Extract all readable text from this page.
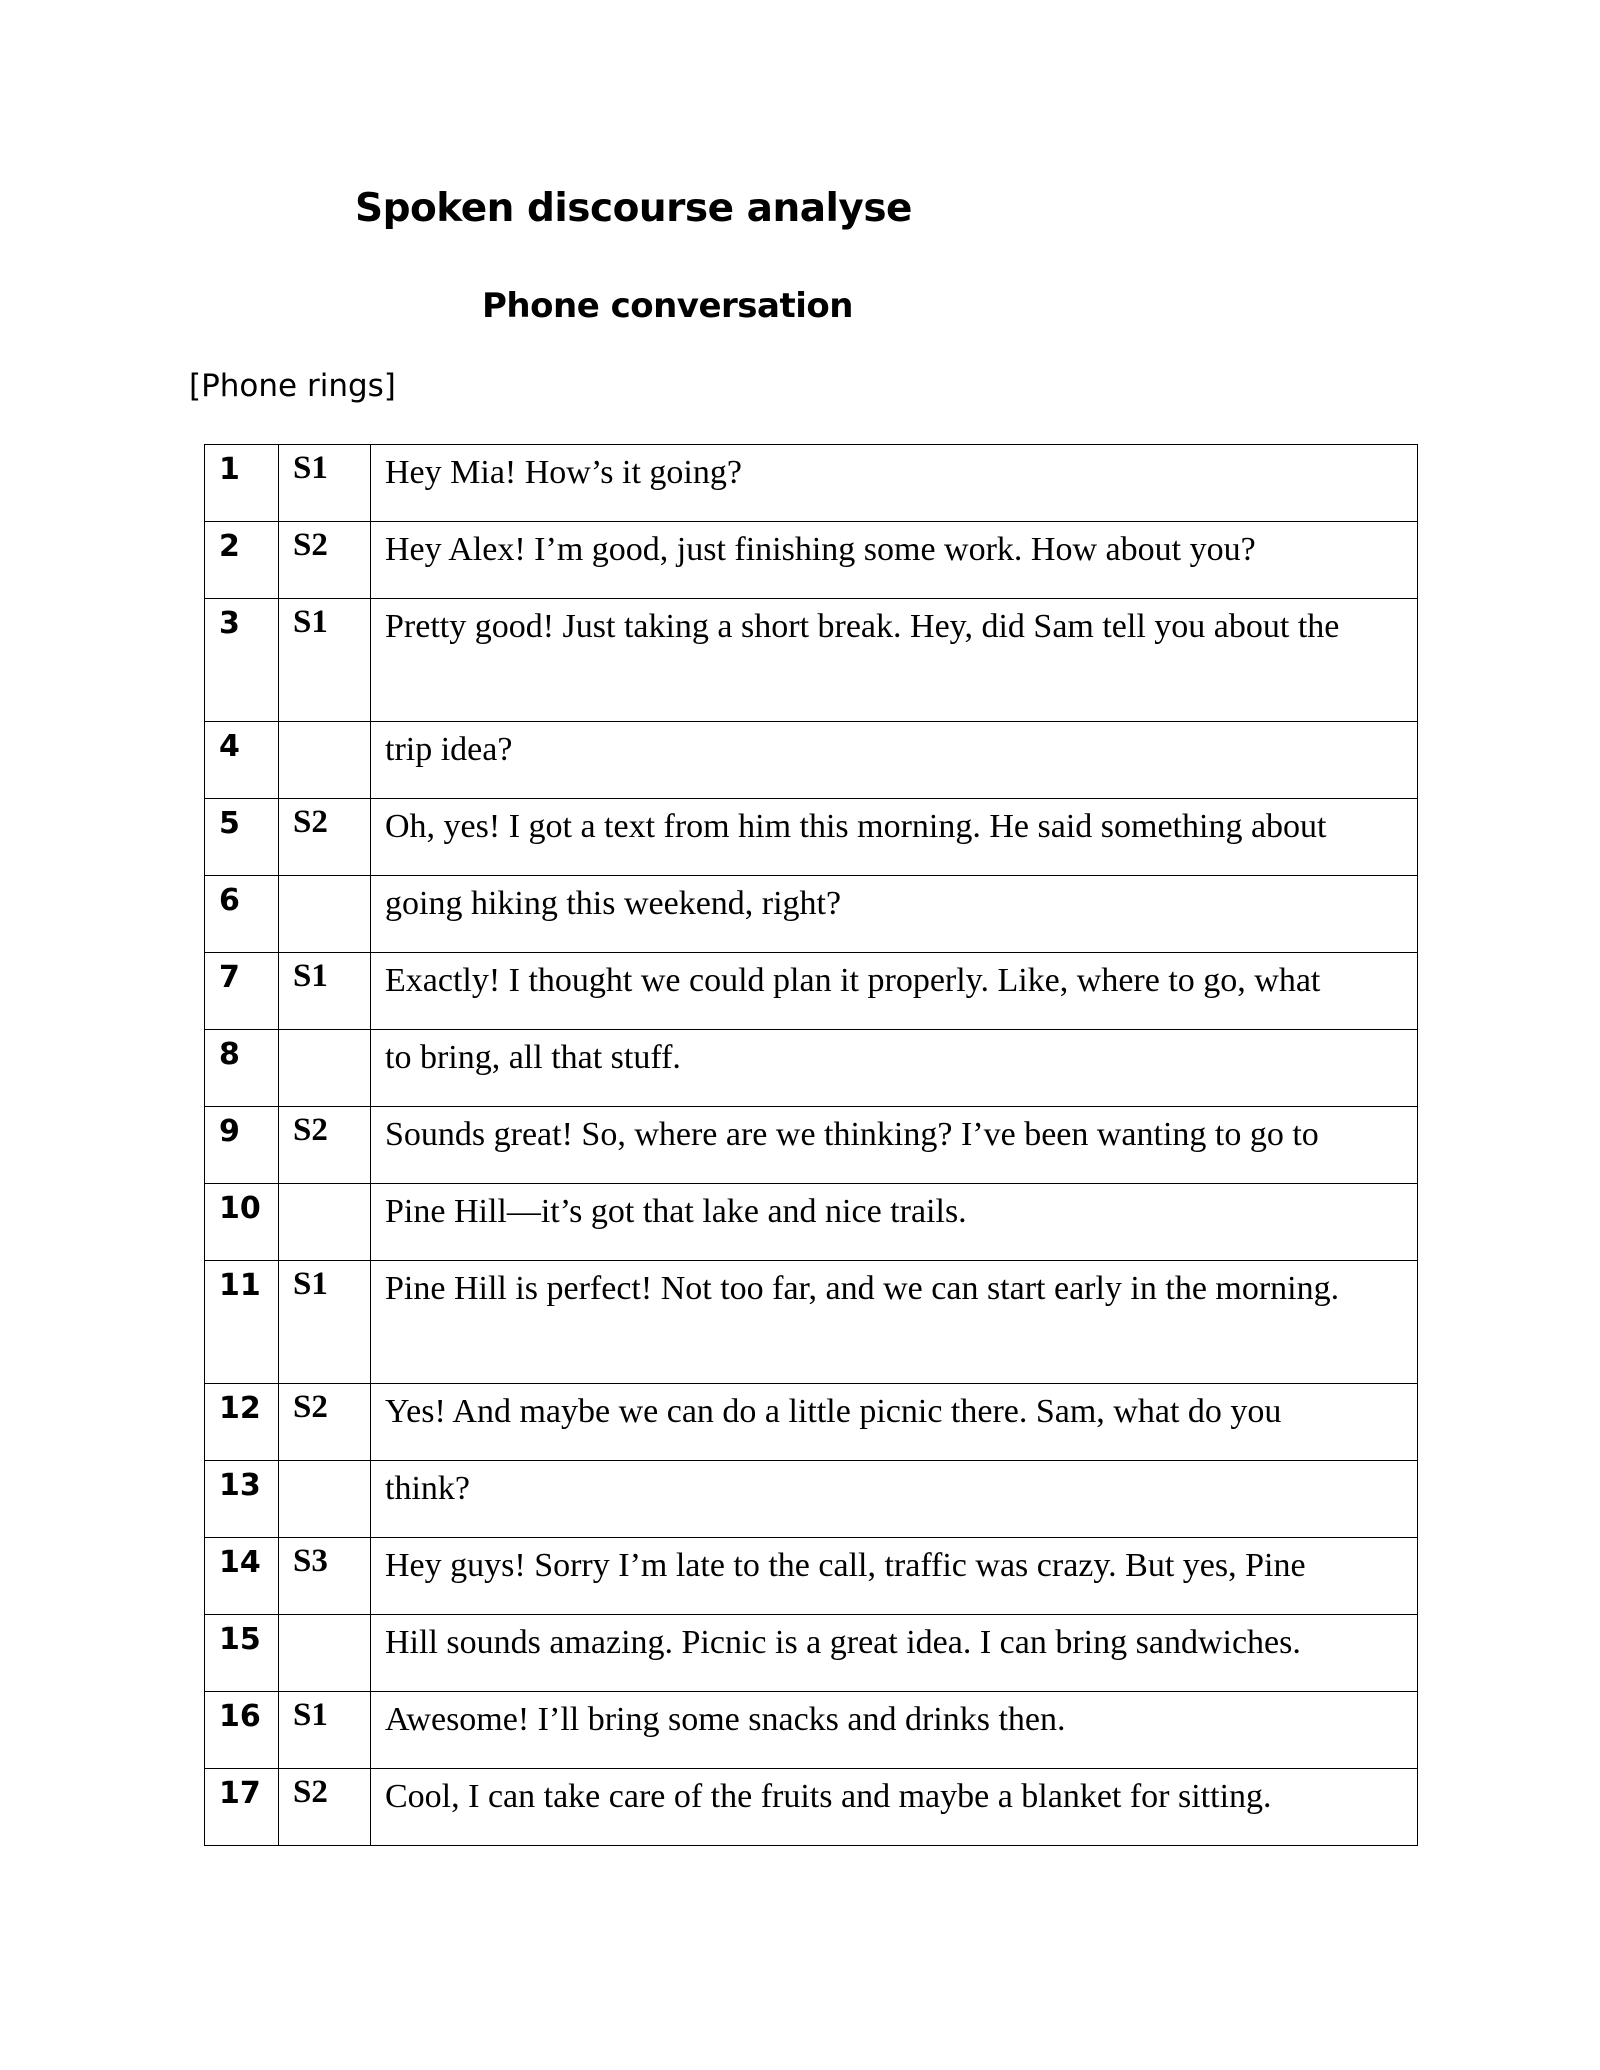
Spoken discourse analyse
Phone conversation
[Phone rings]
1	S1	Hey Mia! How’s it going?
2	S2	Hey Alex! I’m good, just finishing some work. How about you?
3	S1	Pretty good! Just taking a short break. Hey, did Sam tell you about the
4		trip idea?
5	S2	Oh, yes! I got a text from him this morning. He said something about
6		going hiking this weekend, right?
7	S1	Exactly! I thought we could plan it properly. Like, where to go, what
8		to bring, all that stuff.
9	S2	Sounds great! So, where are we thinking? I’ve been wanting to go to
10		Pine Hill—it’s got that lake and nice trails.
11	S1	Pine Hill is perfect! Not too far, and we can start early in the morning.
12	S2	Yes! And maybe we can do a little picnic there. Sam, what do you
13		think?
14	S3	Hey guys! Sorry I’m late to the call, traffic was crazy. But yes, Pine
15		Hill sounds amazing. Picnic is a great idea. I can bring sandwiches.
16	S1	Awesome! I’ll bring some snacks and drinks then.
17	S2	Cool, I can take care of the fruits and maybe a blanket for sitting.
